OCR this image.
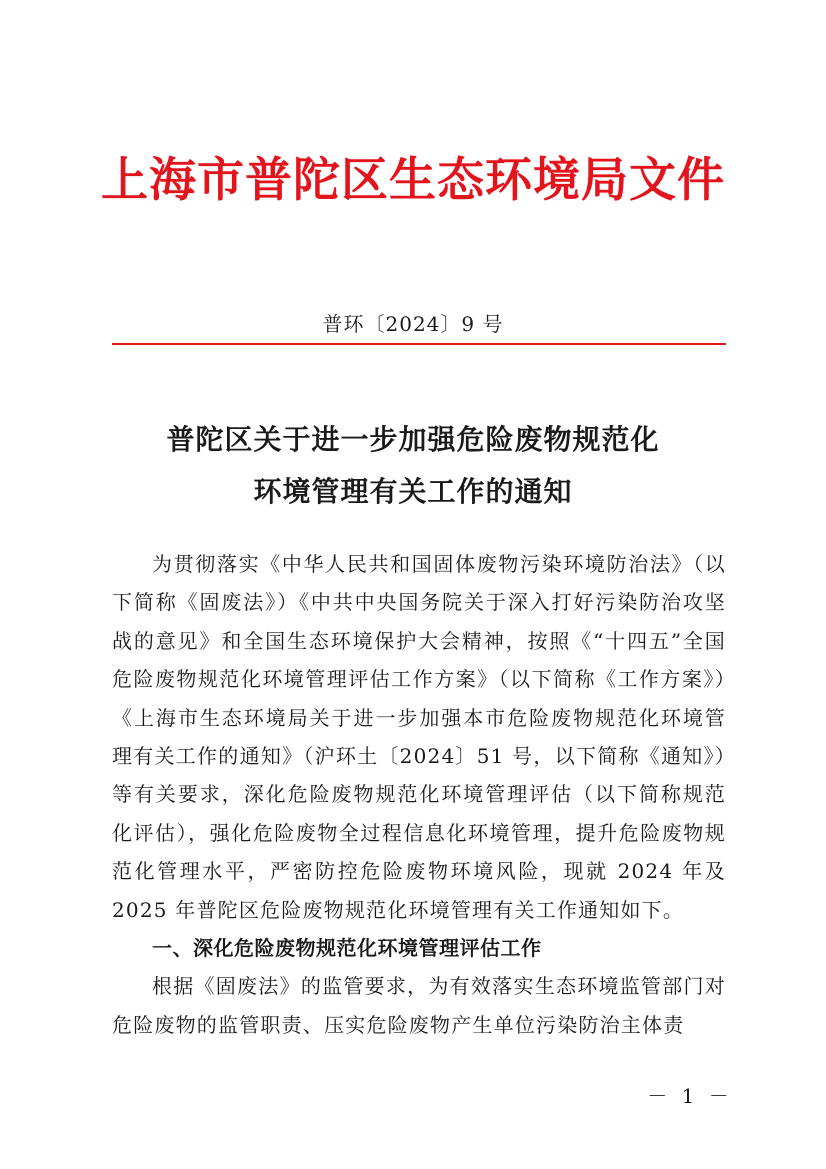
上海市普陀区生态环境局文件
普环〔2024〕9 号
普陀区关于进一步加强危险废物规范化
环境管理有关工作的通知

为贯彻落实《中华人民共和国固体废物污染环境防治法》（以下简称《固废法》）《中共中央国务院关于深入打好污染防治攻坚战的意见》和全国生态环境保护大会精神，按照《“十四五”全国危险废物规范化环境管理评估工作方案》（以下简称《工作方案》）《上海市生态环境局关于进一步加强本市危险废物规范化环境管理有关工作的通知》（沪环土〔2024〕51 号，以下简称《通知》）等有关要求，深化危险废物规范化环境管理评估（以下简称规范化评估），强化危险废物全过程信息化环境管理，提升危险废物规范化管理水平，严密防控危险废物环境风险，现就 2024 年及 2025 年普陀区危险废物规范化环境管理有关工作通知如下。

一、深化危险废物规范化环境管理评估工作

根据《固废法》的监管要求，为有效落实生态环境监管部门对危险废物的监管职责、压实危险废物产生单位污染防治主体责

－ 1 －
